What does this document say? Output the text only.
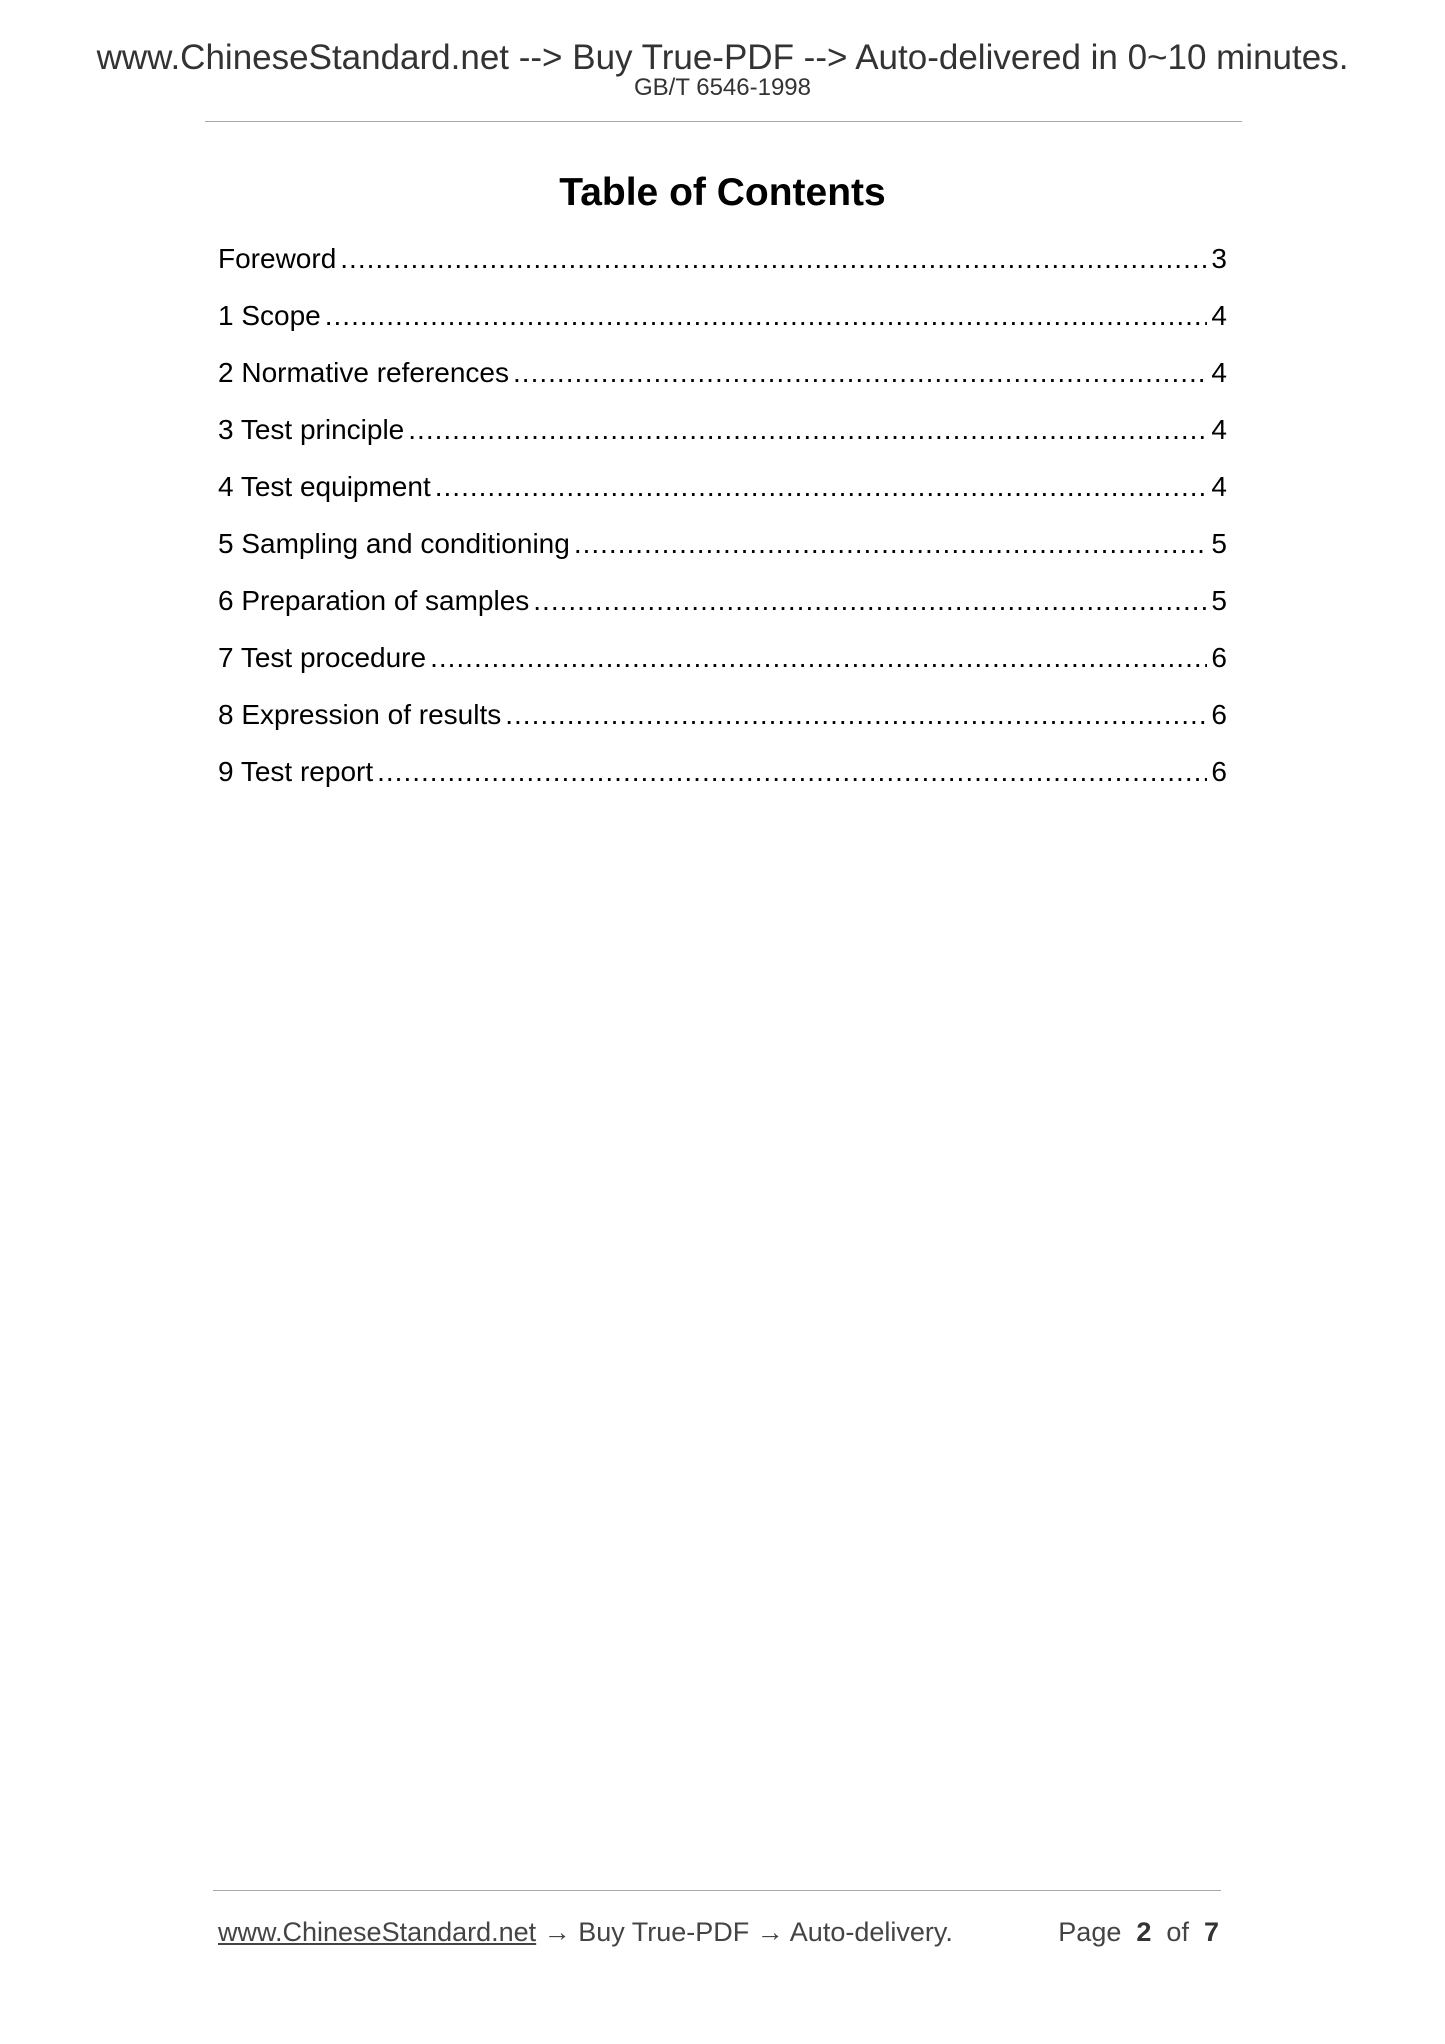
www.ChineseStandard.net --> Buy True-PDF --> Auto-delivered in 0~10 minutes.
GB/T 6546-1998
Table of Contents
Foreword .....	3
1 Scope .....	4
2 Normative references .....	4
3 Test principle .....	4
4 Test equipment .....	4
5 Sampling and conditioning .....	5
6 Preparation of samples .....	5
7 Test procedure .....	6
8 Expression of results .....	6
9 Test report .....	6
www.ChineseStandard.net → Buy True-PDF → Auto-delivery.	Page 2 of 7
